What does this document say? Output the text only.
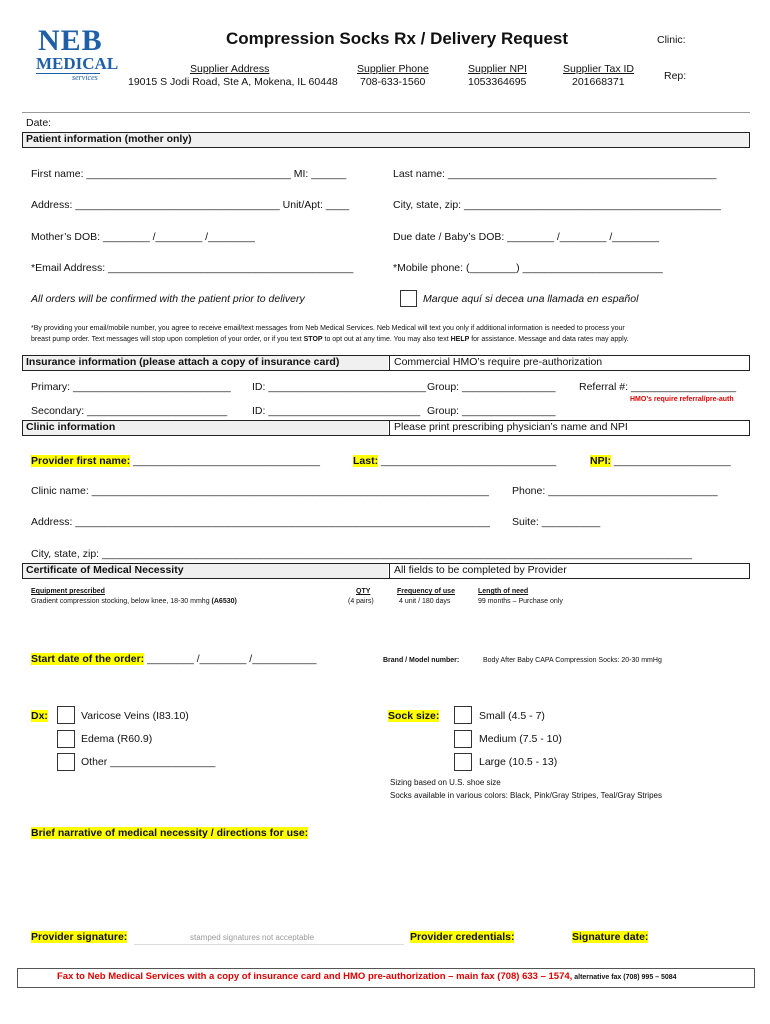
NEB
MEDICAL
services
Compression Socks Rx / Delivery Request	Clinic:
Rep:
Supplier Address
19015 S Jodi Road, Ste A, Mokena, IL 60448
Supplier Phone
708-633-1560
Supplier NPI
1053364695
Supplier Tax ID
201668371
Date:
Patient information (mother only)
First name: ___________________________________ MI: ______	Last name: ______________________________________________
Address: ___________________________________ Unit/Apt: ____	City, state, zip: ____________________________________________
Mother’s DOB: ________ /________ /________	Due date / Baby’s DOB: ________ /________ /________
*Email Address: __________________________________________	*Mobile phone: (________) ________________________
All orders will be confirmed with the patient prior to delivery	Marque aquí si decea una llamada en español
*By providing your email/mobile number, you agree to receive email/text messages from Neb Medical Services. Neb Medical will text you only if additional information is needed to process your
breast pump order. Text messages will stop upon completion of your order, or if you text STOP to opt out at any time. You may also text HELP for assistance. Message and data rates may apply.
Insurance information (please attach a copy of insurance card)	Commercial HMO’s require pre-authorization
Primary: ___________________________ ID: ___________________________ Group: ________________ Referral #: __________________
HMO’s require referral/pre-auth
Secondary: ________________________ ID: __________________________ Group: ________________
Clinic information	Please print prescribing physician’s name and NPI
Provider first name: ________________________________	Last: ______________________________	NPI: ____________________
Clinic name: ____________________________________________________________________ Phone: _____________________________
Address: _______________________________________________________________________ Suite: __________
City, state, zip: _____________________________________________________________________________________________________
Certificate of Medical Necessity	All fields to be completed by Provider
Equipment prescribed
Gradient compression stocking, below knee, 18-30 mmhg (A6530)
QTY
(4 pairs)
Frequency of use
4 unit / 180 days
Length of need
99 months – Purchase only
Start date of the order: ________ /________ /___________	Brand / Model number:	Body After Baby CAPA Compression Socks: 20-30 mmHg
Dx:	Varicose Veins (I83.10)
Edema (R60.9)
Other __________________
Sock size:	Small (4.5 - 7)
Medium (7.5 - 10)
Large (10.5 - 13)
Sizing based on U.S. shoe size
Socks available in various colors: Black, Pink/Gray Stripes, Teal/Gray Stripes
Brief narrative of medical necessity / directions for use:
Provider signature:	stamped signatures not acceptable	Provider credentials:	Signature date:
Fax to Neb Medical Services with a copy of insurance card and HMO pre-authorization – main fax (708) 633 – 1574, alternative fax (708) 995 – 5084
